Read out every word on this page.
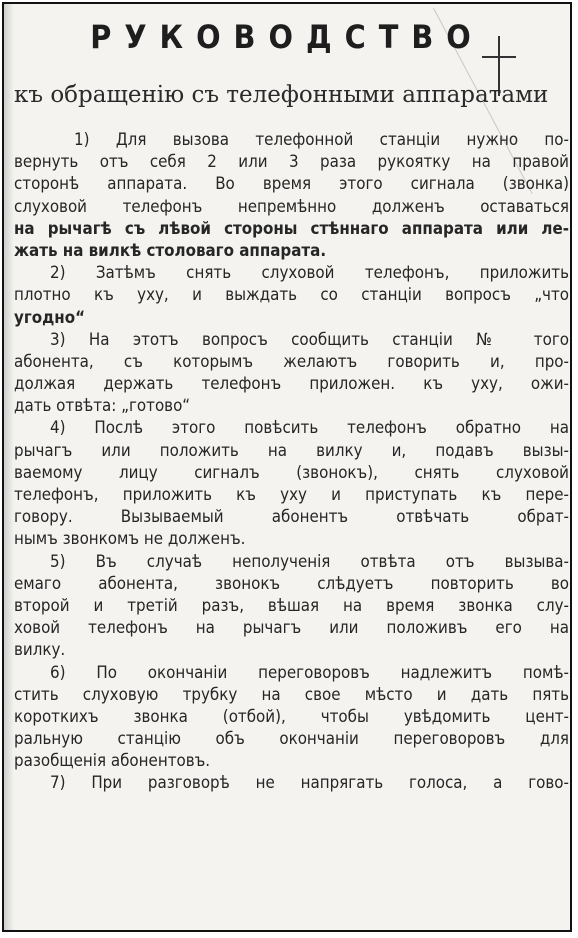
РУКОВОДСТВО
къ обращенію съ телефонными аппаратами
1) Для вызова телефонной станціи нужно по-
вернуть отъ себя 2 или 3 раза рукоятку на правой
сторонѣ аппарата. Во время этого сигнала (звонка)
слуховой телефонъ непремѣнно долженъ оставаться
на рычагѣ съ лѣвой стороны стѣннаго аппарата или ле-
жать на вилкѣ столоваго аппарата.
2) Затѣмъ снять слуховой телефонъ, приложить
плотно къ уху, и выждать со станціи вопросъ „что
угодно“
3) На этотъ вопросъ сообщить станціи № того
абонента, съ которымъ желаютъ говорить и, про-
должая держать телефонъ приложен. къ уху, ожи-
дать отвѣта: „готово“
4) Послѣ этого повѣсить телефонъ обратно на
рычагъ или положить на вилку и, подавъ вызы-
ваемому лицу сигналъ (звонокъ), снять слуховой
телефонъ, приложить къ уху и приступать къ пере-
говору. Вызываемый абонентъ отвѣчать обрат-
нымъ звонкомъ не долженъ.
5) Въ случаѣ неполученія отвѣта отъ вызыва-
емаго абонента, звонокъ слѣдуетъ повторить во
второй и третій разъ, вѣшая на время звонка слу-
ховой телефонъ на рычагъ или положивъ его на
вилку.
6) По окончаніи переговоровъ надлежитъ помѣ-
стить слуховую трубку на свое мѣсто и дать пять
короткихъ звонка (отбой), чтобы увѣдомить цент-
ральную станцію объ окончаніи переговоровъ для
разобщенія абонентовъ.
7) При разговорѣ не напрягать голоса, а гово-
